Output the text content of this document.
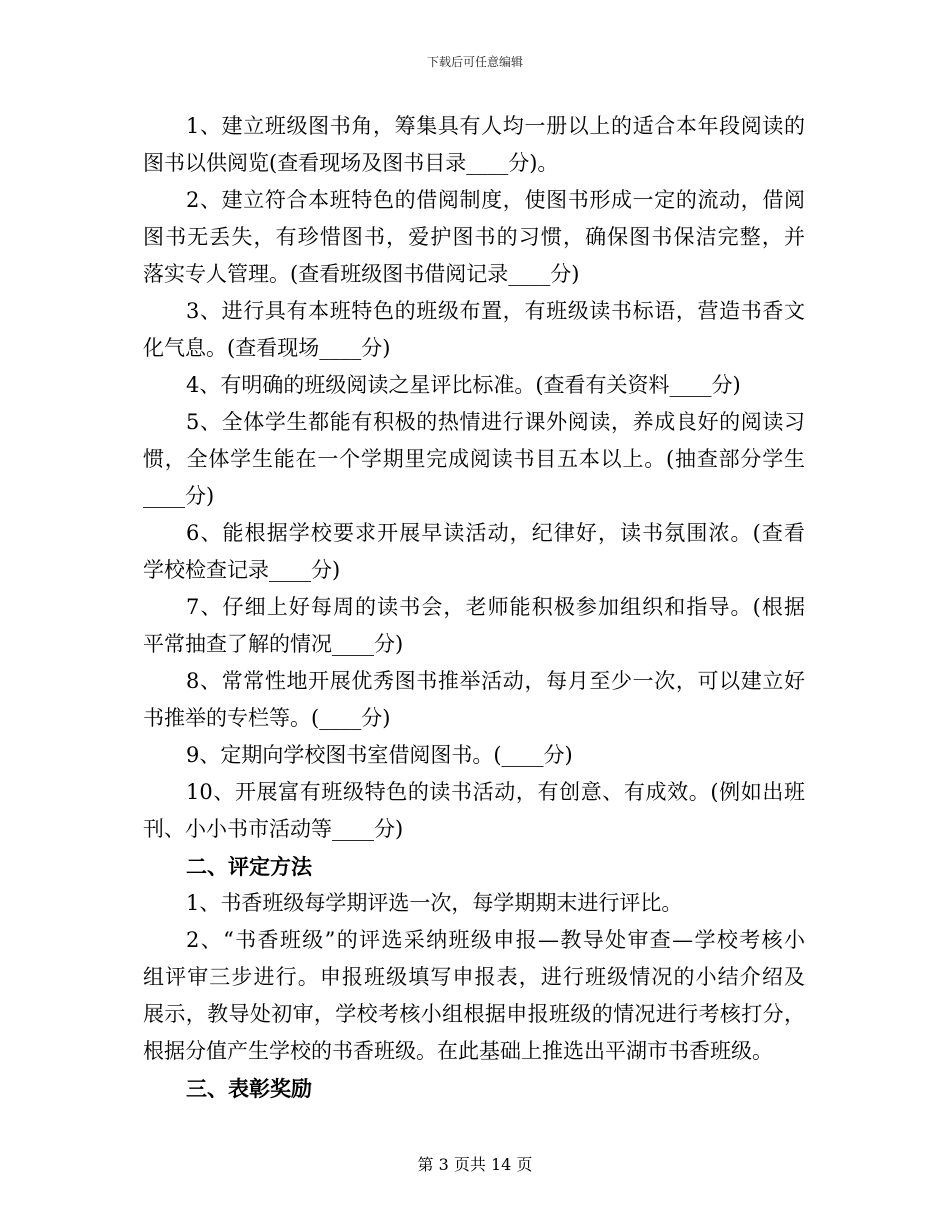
下载后可任意编辑
1、建立班级图书角，筹集具有人均一册以上的适合本年段阅读的
图书以供阅览(查看现场及图书目录____分)。
2、建立符合本班特色的借阅制度，使图书形成一定的流动，借阅
图书无丢失，有珍惜图书，爱护图书的习惯，确保图书保洁完整，并
落实专人管理。(查看班级图书借阅记录____分)
3、进行具有本班特色的班级布置，有班级读书标语，营造书香文
化气息。(查看现场____分)
4、有明确的班级阅读之星评比标准。(查看有关资料____分)
5、全体学生都能有积极的热情进行课外阅读，养成良好的阅读习
惯，全体学生能在一个学期里完成阅读书目五本以上。(抽查部分学生
____分)
6、能根据学校要求开展早读活动，纪律好，读书氛围浓。(查看
学校检查记录____分)
7、仔细上好每周的读书会，老师能积极参加组织和指导。(根据
平常抽查了解的情况____分)
8、常常性地开展优秀图书推举活动，每月至少一次，可以建立好
书推举的专栏等。(____分)
9、定期向学校图书室借阅图书。(____分)
10、开展富有班级特色的读书活动，有创意、有成效。(例如出班
刊、小小书市活动等____分)
二、评定方法
1、书香班级每学期评选一次，每学期期末进行评比。
2、“书香班级”的评选采纳班级申报—教导处审查—学校考核小
组评审三步进行。申报班级填写申报表，进行班级情况的小结介绍及
展示，教导处初审，学校考核小组根据申报班级的情况进行考核打分，
根据分值产生学校的书香班级。在此基础上推选出平湖市书香班级。
三、表彰奖励
第 3 页共 14 页
